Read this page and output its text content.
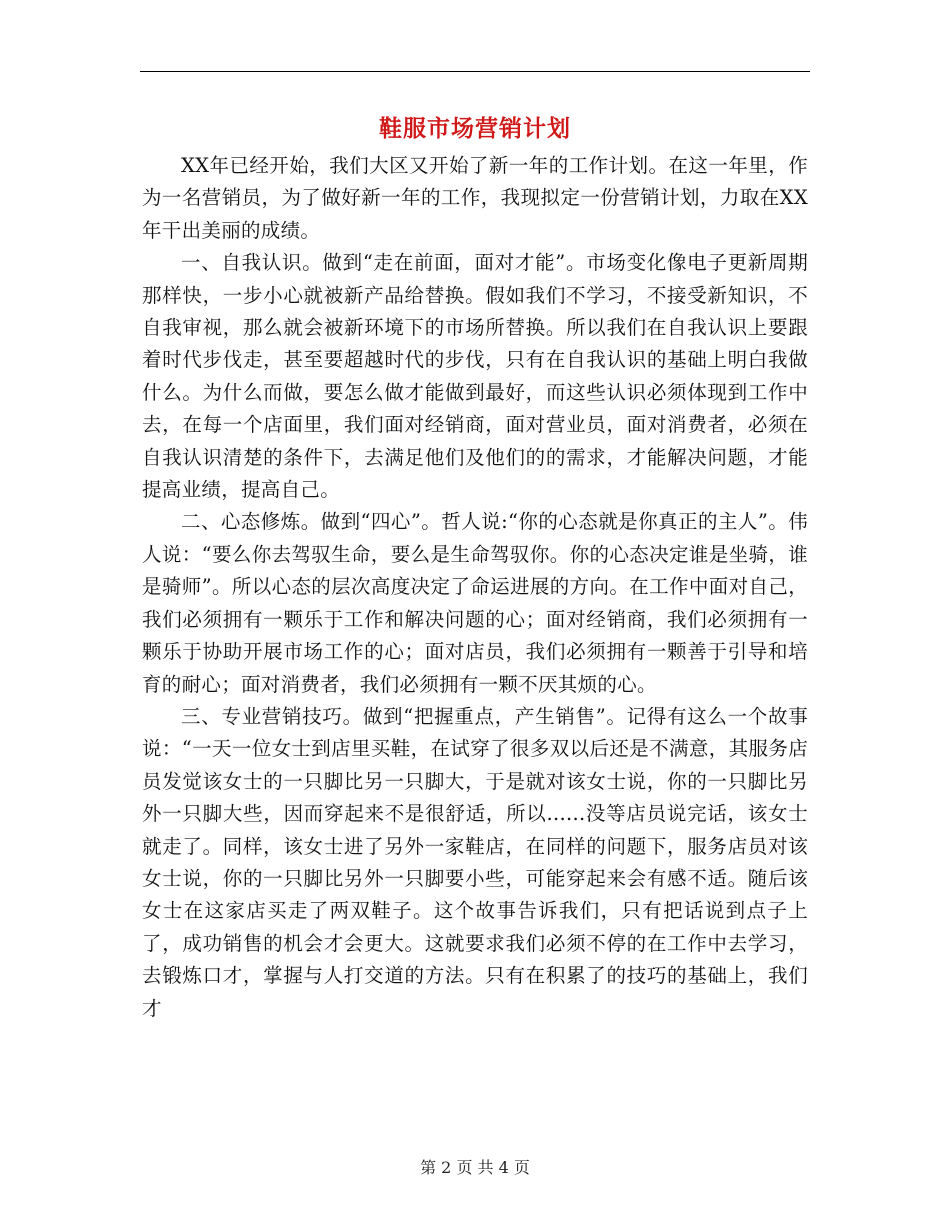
鞋服市场营销计划

XX年已经开始，我们大区又开始了新一年的工作计划。在这一年里，作为一名营销员，为了做好新一年的工作，我现拟定一份营销计划，力取在XX年干出美丽的成绩。

一、自我认识。做到“走在前面，面对才能”。市场变化像电子更新周期那样快，一步小心就被新产品给替换。假如我们不学习，不接受新知识，不自我审视，那么就会被新环境下的市场所替换。所以我们在自我认识上要跟着时代步伐走，甚至要超越时代的步伐，只有在自我认识的基础上明白我做什么。为什么而做，要怎么做才能做到最好，而这些认识必须体现到工作中去，在每一个店面里，我们面对经销商，面对营业员，面对消费者，必须在自我认识清楚的条件下，去满足他们及他们的的需求，才能解决问题，才能提高业绩，提高自己。

二、心态修炼。做到“四心”。哲人说:“你的心态就是你真正的主人”。伟人说：“要么你去驾驭生命，要么是生命驾驭你。你的心态决定谁是坐骑，谁是骑师”。所以心态的层次高度决定了命运进展的方向。在工作中面对自己，我们必须拥有一颗乐于工作和解决问题的心；面对经销商，我们必须拥有一颗乐于协助开展市场工作的心；面对店员，我们必须拥有一颗善于引导和培育的耐心；面对消费者，我们必须拥有一颗不厌其烦的心。

三、专业营销技巧。做到“把握重点，产生销售”。记得有这么一个故事说：“一天一位女士到店里买鞋，在试穿了很多双以后还是不满意，其服务店员发觉该女士的一只脚比另一只脚大，于是就对该女士说，你的一只脚比另外一只脚大些，因而穿起来不是很舒适，所以......没等店员说完话，该女士就走了。同样，该女士进了另外一家鞋店，在同样的问题下，服务店员对该女士说，你的一只脚比另外一只脚要小些，可能穿起来会有感不适。随后该女士在这家店买走了两双鞋子。这个故事告诉我们，只有把话说到点子上了，成功销售的机会才会更大。这就要求我们必须不停的在工作中去学习，去锻炼口才，掌握与人打交道的方法。只有在积累了的技巧的基础上，我们才

第 2 页 共 4 页
